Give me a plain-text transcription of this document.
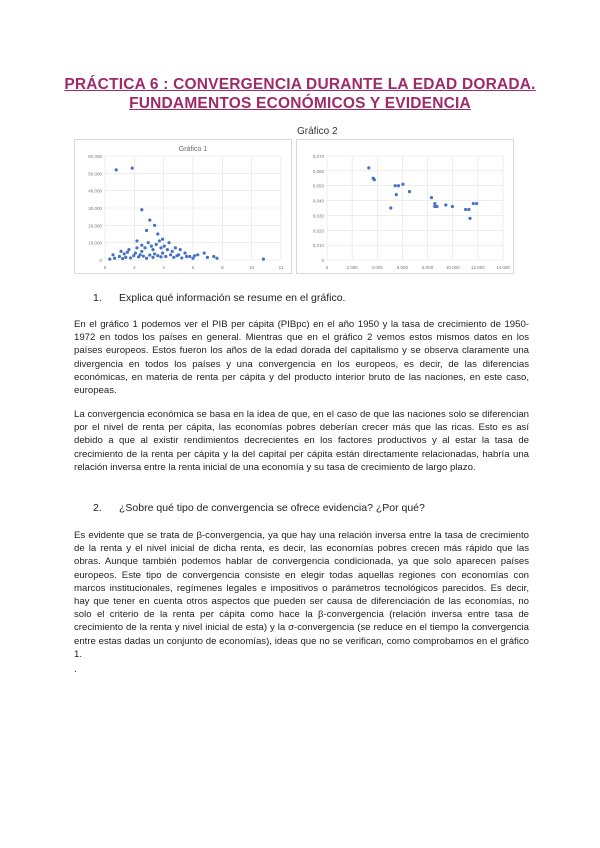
PRÁCTICA 6 : CONVERGENCIA DURANTE LA EDAD DORADA.
FUNDAMENTOS ECONÓMICOS Y EVIDENCIA
Gráfico 2
0
10.000
20.000
30.000
40.000
50.000
60.000
0	2	4	6	8	10	11
Gráfico 1
0
0,010
0,020
0,030
0,040
0,050
0,060
0,070
0	2.000	4.000	6.000	8.000	10.000	12.000	14.000
1. Explica qué información se resume en el gráfico.
En el gráfico 1 podemos ver el PIB per cápita (PIBpc) en el año 1950 y la tasa de crecimiento de 1950-1972 en todos los países en general. Mientras que en el gráfico 2 vemos estos mismos datos en los países europeos. Estos fueron los años de la edad dorada del capitalismo y se observa claramente una divergencia en todos los países y una convergencia en los europeos, es decir, de las diferencias económicas, en materia de renta per cápita y del producto interior bruto de las naciones, en este caso, europeas.
La convergencia económica se basa en la idea de que, en el caso de que las naciones solo se diferencian por el nivel de renta per cápita, las economías pobres deberían crecer más que las ricas. Esto es así debido a que al existir rendimientos decrecientes en los factores productivos y al estar la tasa de crecimiento de la renta per cápita y la del capital per cápita están directamente relacionadas, habría una relación inversa entre la renta inicial de una economía y su tasa de crecimiento de largo plazo.
2. ¿Sobre qué tipo de convergencia se ofrece evidencia? ¿Por qué?
Es evidente que se trata de β-convergencia, ya que hay una relación inversa entre la tasa de crecimiento de la renta y el nivel inicial de dicha renta, es decir, las economías pobres crecen más rápido que las obras. Aunque también podemos hablar de convergencia condicionada, ya que solo aparecen países europeos. Este tipo de convergencia consiste en elegir todas aquellas regiones con economías con marcos institucionales, regímenes legales e impositivos o parámetros tecnológicos parecidos. Es decir, hay que tener en cuenta otros aspectos que pueden ser causa de diferenciación de las economías, no solo el criterio de la renta per cápita como hace la β-convergencia (relación inversa entre tasa de crecimiento de la renta y nivel inicial de esta) y la σ-convergencia (se reduce en el tiempo la convergencia entre estas dadas un conjunto de economías), ideas que no se verifican, como comprobamos en el gráfico 1.
.
